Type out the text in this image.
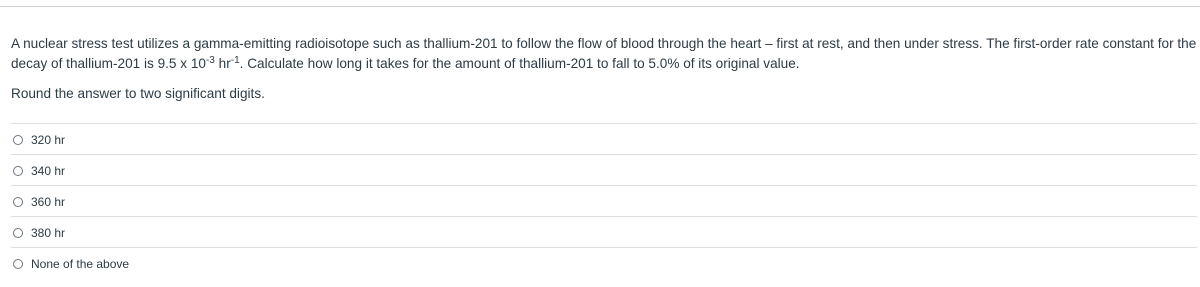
A nuclear stress test utilizes a gamma-emitting radioisotope such as thallium-201 to follow the flow of blood through the heart – first at rest, and then under stress. The first-order rate constant for the decay of thallium-201 is 9.5 x $10^{-3}$ $hr^{-1}$. Calculate how long it takes for the amount of thallium-201 to fall to 5.0% of its original value.

Round the answer to two significant digits.

320 hr
340 hr
360 hr
380 hr
None of the above
